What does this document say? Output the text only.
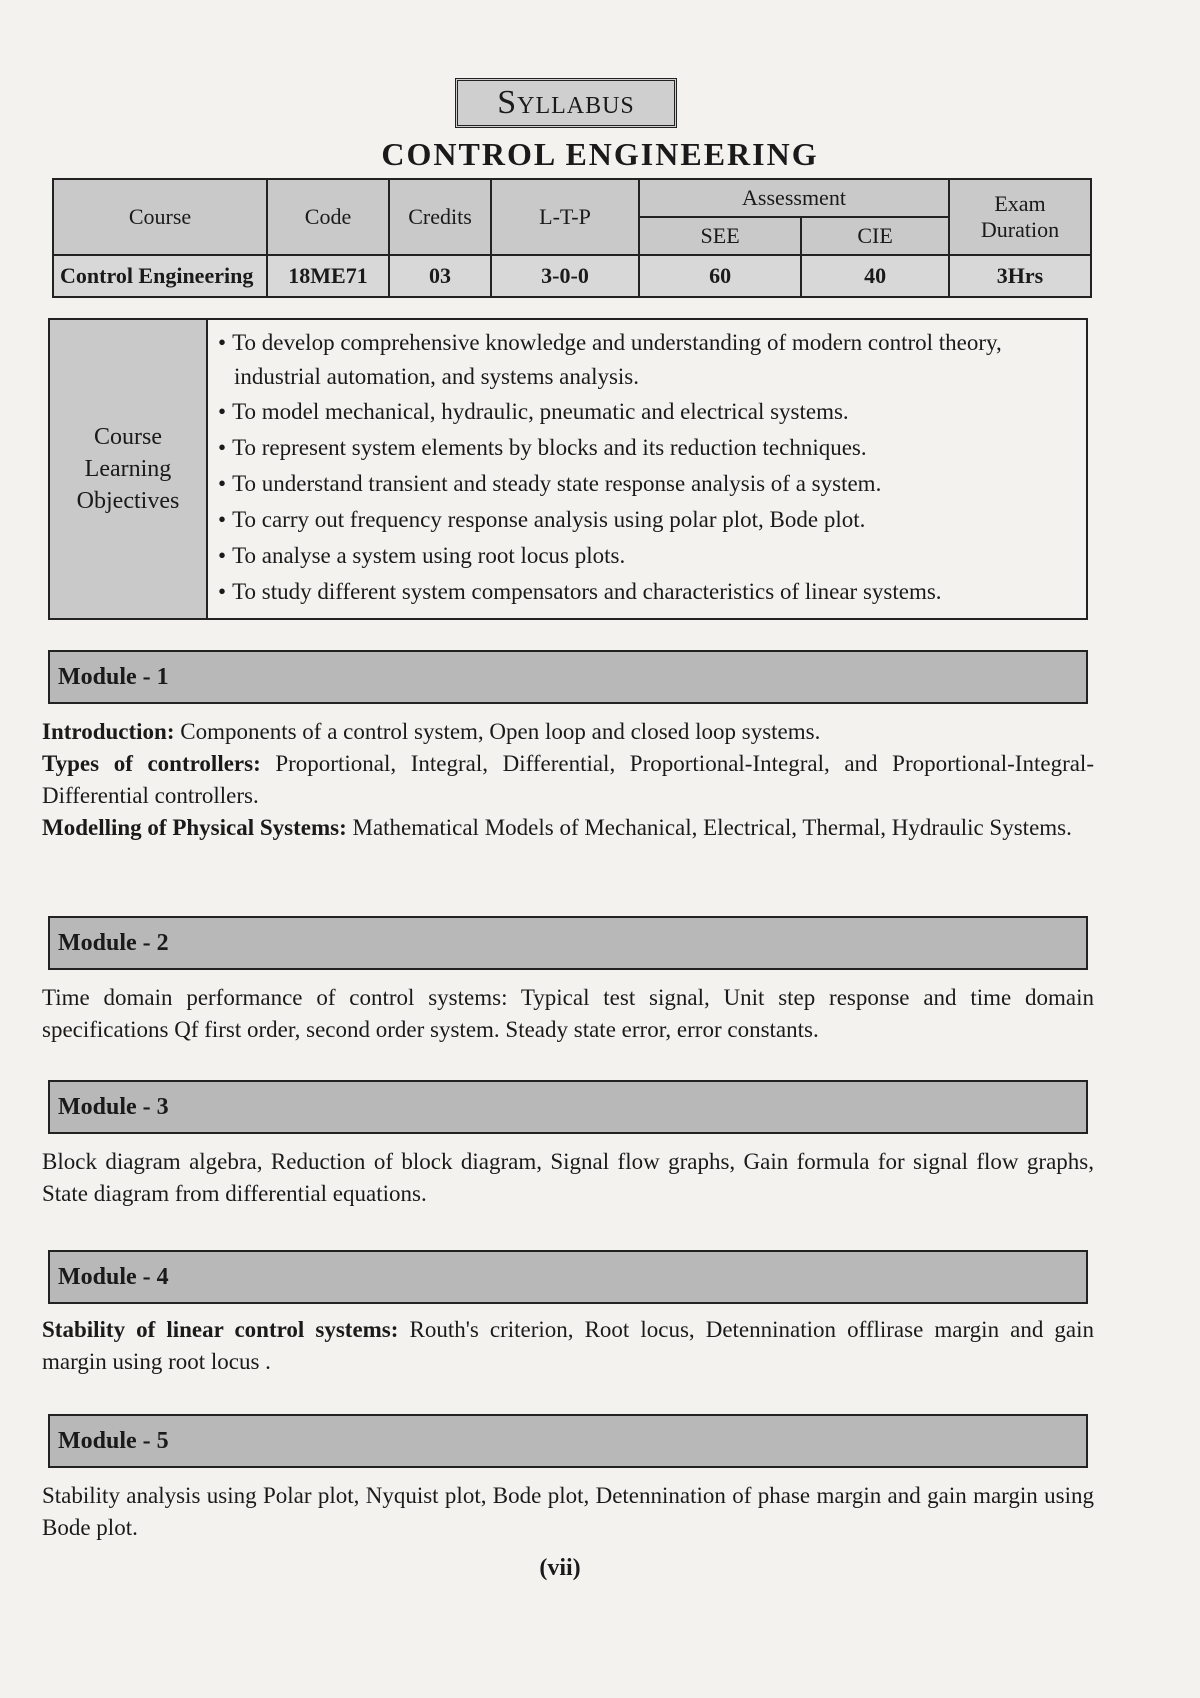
Syllabus
CONTROL ENGINEERING
Course	Code	Credits	L-T-P	Assessment		Exam
Duration

				SEE	CIE	
Control Engineering	18ME71	03	3-0-0	60	40	3Hrs
Course
Learning
Objectives
• To develop comprehensive knowledge and understanding of modern control theory, industrial automation, and systems analysis.
• To model mechanical, hydraulic, pneumatic and electrical systems.
• To represent system elements by blocks and its reduction techniques.
• To understand transient and steady state response analysis of a system.
• To carry out frequency response analysis using polar plot, Bode plot.
• To analyse a system using root locus plots.
• To study different system compensators and characteristics of linear systems.
Module - 1

Introduction: Components of a control system, Open loop and closed loop systems.

Types of controllers: Proportional, Integral, Differential, Proportional-Integral, and Proportional-Integral-Differential controllers.

Modelling of Physical Systems: Mathematical Models of Mechanical, Electrical, Thermal, Hydraulic Systems.

Module - 2

Time domain performance of control systems: Typical test signal, Unit step response and time domain specifications Qf first order, second order system. Steady state error, error constants.

Module - 3

Block diagram algebra, Reduction of block diagram, Signal flow graphs, Gain formula for signal flow graphs, State diagram from differential equations.

Module - 4

Stability of linear control systems: Routh's criterion, Root locus, Detennination offlirase margin and gain margin using root locus .

Module - 5

Stability analysis using Polar plot, Nyquist plot, Bode plot, Detennination of phase margin and gain margin using Bode plot.

(vii)
